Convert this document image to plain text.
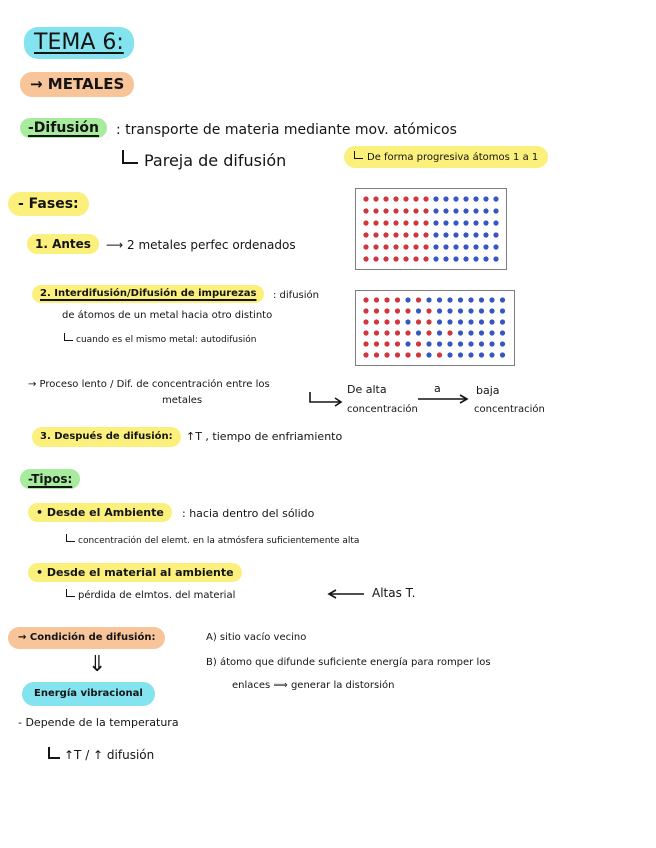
TEMA 6:
→ METALES
-Difusión	: transporte de materia mediante mov. atómicos
Pareja de difusión	De forma progresiva átomos 1 a 1
- Fases:
1. Antes	⟶ 2 metales perfec ordenados
2. Interdifusión/Difusión de impurezas	: difusión
de átomos de un metal hacia otro distinto
cuando es el mismo metal: autodifusión
→ Proceso lento / Dif. de concentración entre los
metales
De alta
concentración
a	baja
concentración
3. Después de difusión:	↑T , tiempo de enfriamiento
-Tipos:
• Desde el Ambiente	: hacia dentro del sólido
concentración del elemt. en la atmósfera suficientemente alta
• Desde el material al ambiente
pérdida de elmtos. del material	Altas T.
→ Condición de difusión:	A) sitio vacío vecino
B) átomo que difunde suficiente energía para romper los
enlaces ⟹ generar la distorsión
⇓
Energía vibracional
- Depende de la temperatura
↑T / ↑ difusión
